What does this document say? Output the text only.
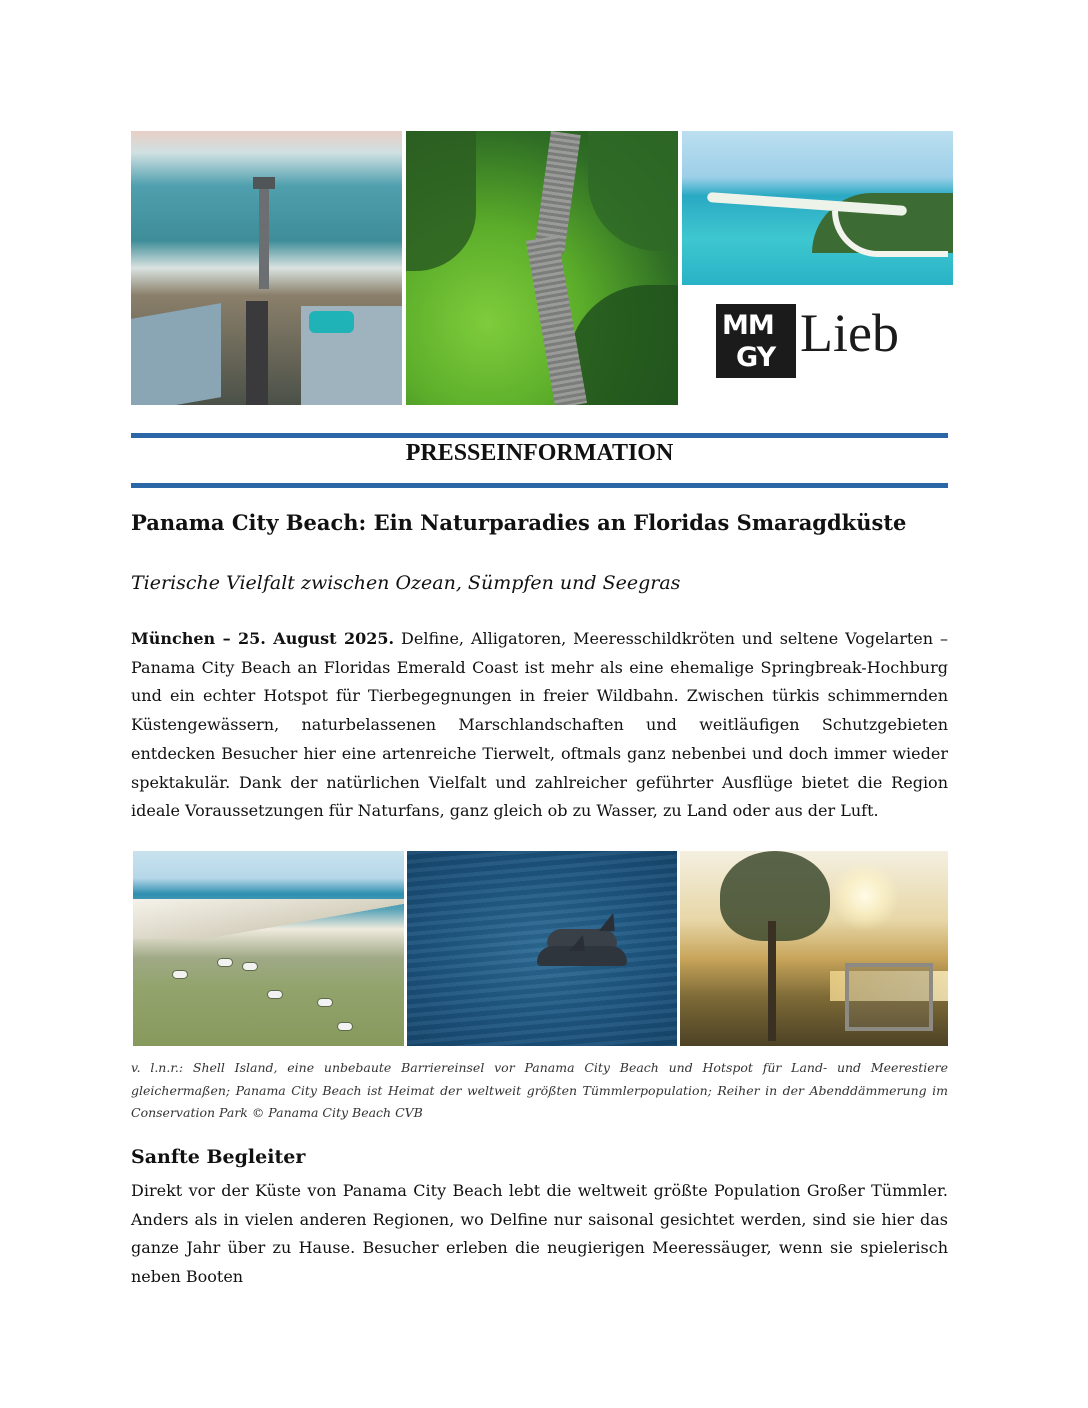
MM
GY Lieb
PRESSEINFORMATION
Panama City Beach: Ein Naturparadies an Floridas Smaragdküste
Tierische Vielfalt zwischen Ozean, Sümpfen und Seegras
München – 25. August 2025. Delfine, Alligatoren, Meeresschildkröten und seltene Vogelarten – Panama City Beach an Floridas Emerald Coast ist mehr als eine ehemalige Springbreak-Hochburg und ein echter Hotspot für Tierbegegnungen in freier Wildbahn. Zwischen türkis schimmernden Küstengewässern, naturbelassenen Marschlandschaften und weitläufigen Schutzgebieten entdecken Besucher hier eine artenreiche Tierwelt, oftmals ganz nebenbei und doch immer wieder spektakulär. Dank der natürlichen Vielfalt und zahlreicher geführter Ausflüge bietet die Region ideale Voraussetzungen für Naturfans, ganz gleich ob zu Wasser, zu Land oder aus der Luft.
v. l.n.r.: Shell Island, eine unbebaute Barriereinsel vor Panama City Beach und Hotspot für Land- und Meerestiere gleichermaßen; Panama City Beach ist Heimat der weltweit größten Tümmlerpopulation; Reiher in der Abenddämmerung im Conservation Park © Panama City Beach CVB
Sanfte Begleiter
Direkt vor der Küste von Panama City Beach lebt die weltweit größte Population Großer Tümmler. Anders als in vielen anderen Regionen, wo Delfine nur saisonal gesichtet werden, sind sie hier das ganze Jahr über zu Hause. Besucher erleben die neugierigen Meeressäuger, wenn sie spielerisch neben Booten
